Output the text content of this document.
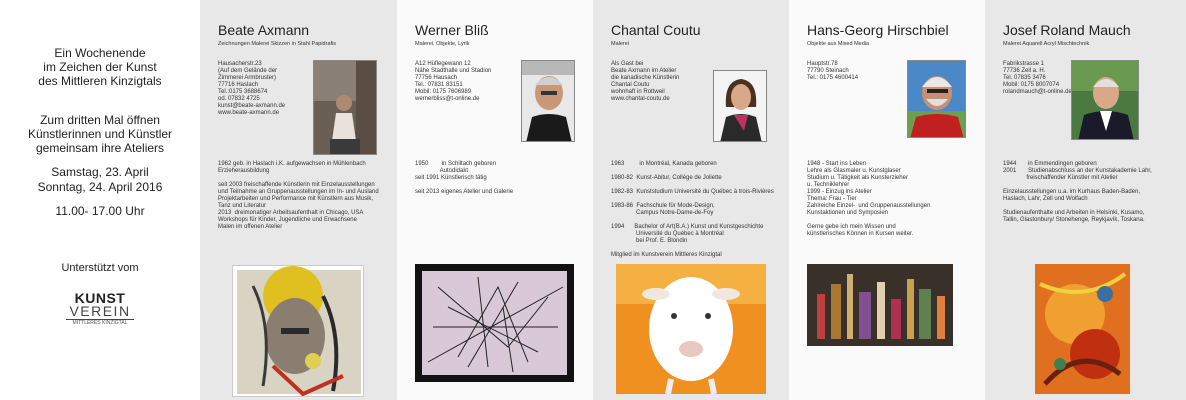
Ein Wochenende
im Zeichen der Kunst
des Mittleren Kinzigtals
Zum dritten Mal öffnen
Künstlerinnen und Künstler
gemeinsam ihre Ateliers
Samstag, 23. April
Sonntag, 24. April 2016
11.00- 17.00 Uhr
Unterstützt vom
KUNST
VEREIN
MITTLERES KINZIGTAL
Beate Axmann
Zeichnungen Malerei Skizzen in Stahl Papidrafis
Hausacherstr.23
(Auf dem Gelände der
Zimmerei Armbruster)
77716 Haslach
Tel.:0175 3688674
od. 07832 4725
kunst@beate-axmann.de
www.beate-axmann.de
1962 geb. in Haslach i.K. aufgewachsen in Mühlenbach
Erzieherausbildung

seit 2003 freischaffende Künstlerin mit Einzelausstellungen
und Teilnahme an Gruppenausstellungen im In- und Ausland
Projektarbeiten und Performance mit Künstlern aus Musik,
Tanz und Literatur
2013  dreimonatiger Arbeitsaufenthalt in Chicago, USA
Workshops für Kinder, Jugendliche und Erwachsene
Malen im offenen Atelier
Werner Bliß
Malerei, Objekte, Lyrik
A12 Hüflegewann 12
Nähe Stadthalle und Stadion
77756 Hausach
Tel.: 07831 83151
Mobil: 0175 7606989
wernerbliss@t-online.de
1950        in Schiltach geboren
Autodidakt
seit 1991 Künstlerisch tätig

seit 2013 eigenes Atelier und Galerie
Chantal Coutu
Malerei
Als Gast bei
Beate Axmann im Atelier
die kanadische Künstlerin
Chantal Coutu
wohnhaft in Rottweil
www.chantal-coutu.de
1963         in Montréal, Kanada geboren

1980-82  Kunst-Abitur, Collège de Joliette

1982-83  Kunststudium Université du Québec à trois-Rivières

1983-86  Fachschule für Mode-Design,
Campus Notre-Dame-de-Foy

1994      Bachelor of Art(B.A.) Kunst und Kunstgeschichte
Université du Québec à Montréal
bei Prof. E. Blondin

Mitglied im Kunstverein Mittleres Kinzigtal
Hans-Georg Hirschbiel
Objekte aus Mixed Media
Hauptstr.78
77790 Steinach
Tel.: 0175 4600414
1948 - Start ins Leben
Lehre als Glasmaler u. Kunstglaser
Studium u. Tätigkeit als Kunsterzieher
u. Techniklehrer
1999 - Einzug ins Atelier
Thema: Frau - Tier
Zahlreiche Einzel-  und Gruppenausstellungen
Kunstaktionen und Symposien

Gerne gebe ich mein Wissen und
künstlerisches Können in Kursen weiter.
Josef Roland Mauch
Malerei Aquarell Acryl Mischtechnik
Fabrikstrasse 1
77736 Zell a. H.
Tel. 07835 3476
Mobil: 0175 8007074
rolandmauch@t-online.de
1944       in Emmendingen geboren
2001       Studienabschluss an der Kunstakademie Lahr,
freischaffender Künstler mit Atelier

Einzelausstellungen u.a. im Kurhaus Baden-Baden,
Haslach, Lahr, Zell und Wolfach

Studienaufenthalte und Arbeiten in Helsinki, Kusamo,
Tallin, Glastonbury/ Stonehenge, Reykjavík, Toskana.
